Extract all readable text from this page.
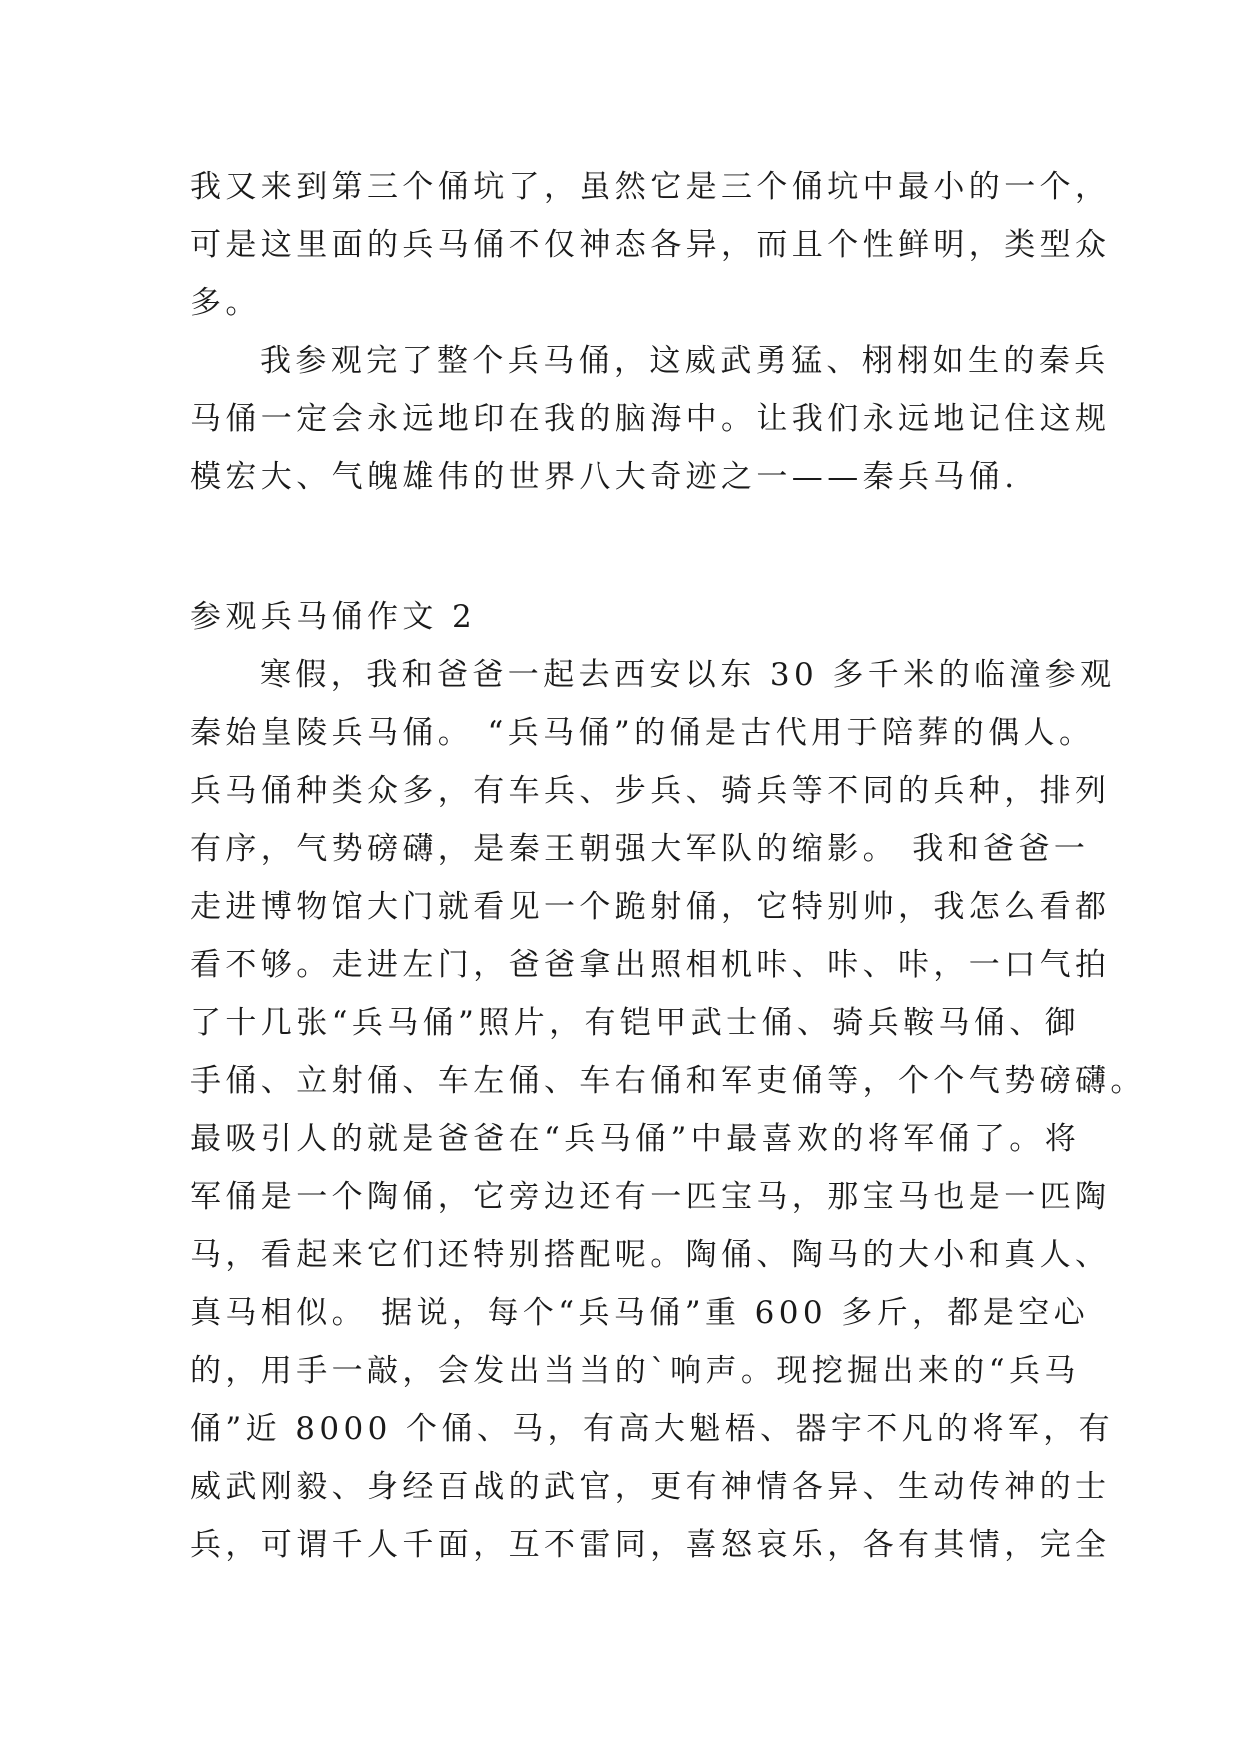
我又来到第三个俑坑了，虽然它是三个俑坑中最小的一个，
可是这里面的兵马俑不仅神态各异，而且个性鲜明，类型众
多。
我参观完了整个兵马俑，这威武勇猛、栩栩如生的秦兵
马俑一定会永远地印在我的脑海中。让我们永远地记住这规
模宏大、气魄雄伟的世界八大奇迹之一——秦兵马俑.
参观兵马俑作文 2
寒假，我和爸爸一起去西安以东 30 多千米的临潼参观
秦始皇陵兵马俑。 “兵马俑”的俑是古代用于陪葬的偶人。
兵马俑种类众多，有车兵、步兵、骑兵等不同的兵种，排列
有序，气势磅礴，是秦王朝强大军队的缩影。 我和爸爸一
走进博物馆大门就看见一个跪射俑，它特别帅，我怎么看都
看不够。走进左门，爸爸拿出照相机咔、咔、咔，一口气拍
了十几张“兵马俑”照片，有铠甲武士俑、骑兵鞍马俑、御
手俑、立射俑、车左俑、车右俑和军吏俑等，个个气势磅礴。
最吸引人的就是爸爸在“兵马俑”中最喜欢的将军俑了。将
军俑是一个陶俑，它旁边还有一匹宝马，那宝马也是一匹陶
马，看起来它们还特别搭配呢。陶俑、陶马的大小和真人、
真马相似。 据说，每个“兵马俑”重 600 多斤，都是空心
的，用手一敲，会发出当当的`响声。现挖掘出来的“兵马
俑”近 8000 个俑、马，有高大魁梧、器宇不凡的将军，有
威武刚毅、身经百战的武官，更有神情各异、生动传神的士
兵，可谓千人千面，互不雷同，喜怒哀乐，各有其情，完全
